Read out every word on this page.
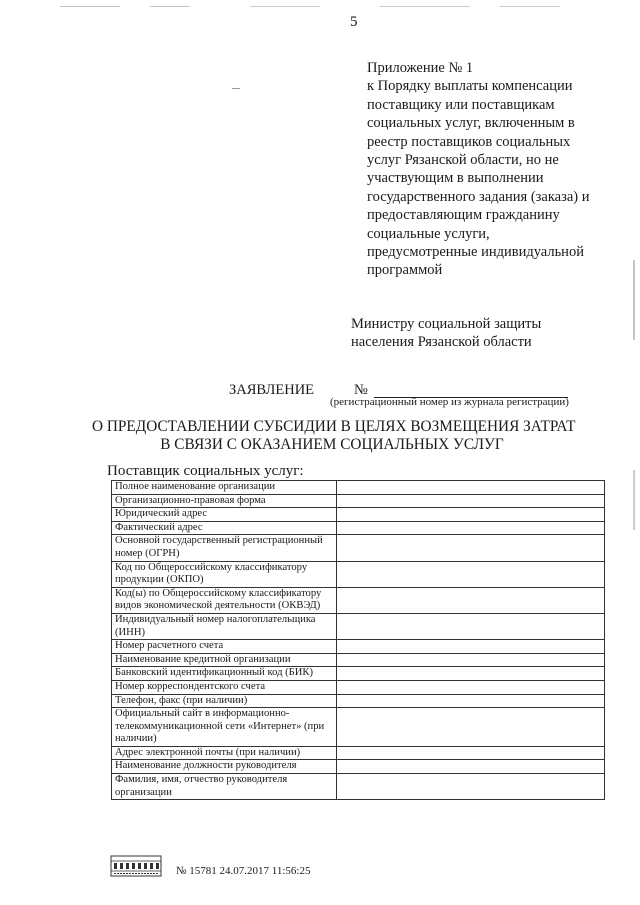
5
Приложение № 1
к Порядку выплаты компенсации
поставщику или поставщикам
социальных услуг, включенным в
реестр поставщиков социальных
услуг Рязанской области, но не
участвующим в выполнении
государственного задания (заказа) и
предоставляющим гражданину
социальные услуги,
предусмотренные индивидуальной
программой
Министру социальной защиты
населения Рязанской области
ЗАЯВЛЕНИЕ	№
(регистрационный номер из журнала регистрации)
О ПРЕДОСТАВЛЕНИИ СУБСИДИИ В ЦЕЛЯХ ВОЗМЕЩЕНИЯ ЗАТРАТ
В СВЯЗИ С ОКАЗАНИЕМ СОЦИАЛЬНЫХ УСЛУГ
Поставщик социальных услуг:
Полное наименование организации	
Организационно-правовая форма	
Юридический адрес	
Фактический адрес	
Основной государственный регистрационный номер (ОГРН)	
Код по Общероссийскому классификатору продукции (ОКПО)	
Код(ы) по Общероссийскому классификатору видов экономической деятельности (ОКВЭД)	
Индивидуальный номер налогоплательщика (ИНН)	
Номер расчетного счета	
Наименование кредитной организации	
Банковский идентификационный код (БИК)	
Номер корреспондентского счета	
Телефон, факс (при наличии)	
Официальный сайт в информационно-телекоммуникационной сети «Интернет» (при наличии)	
Адрес электронной почты (при наличии)	
Наименование должности руководителя	
Фамилия, имя, отчество руководителя организации	
№ 15781 24.07.2017 11:56:25
